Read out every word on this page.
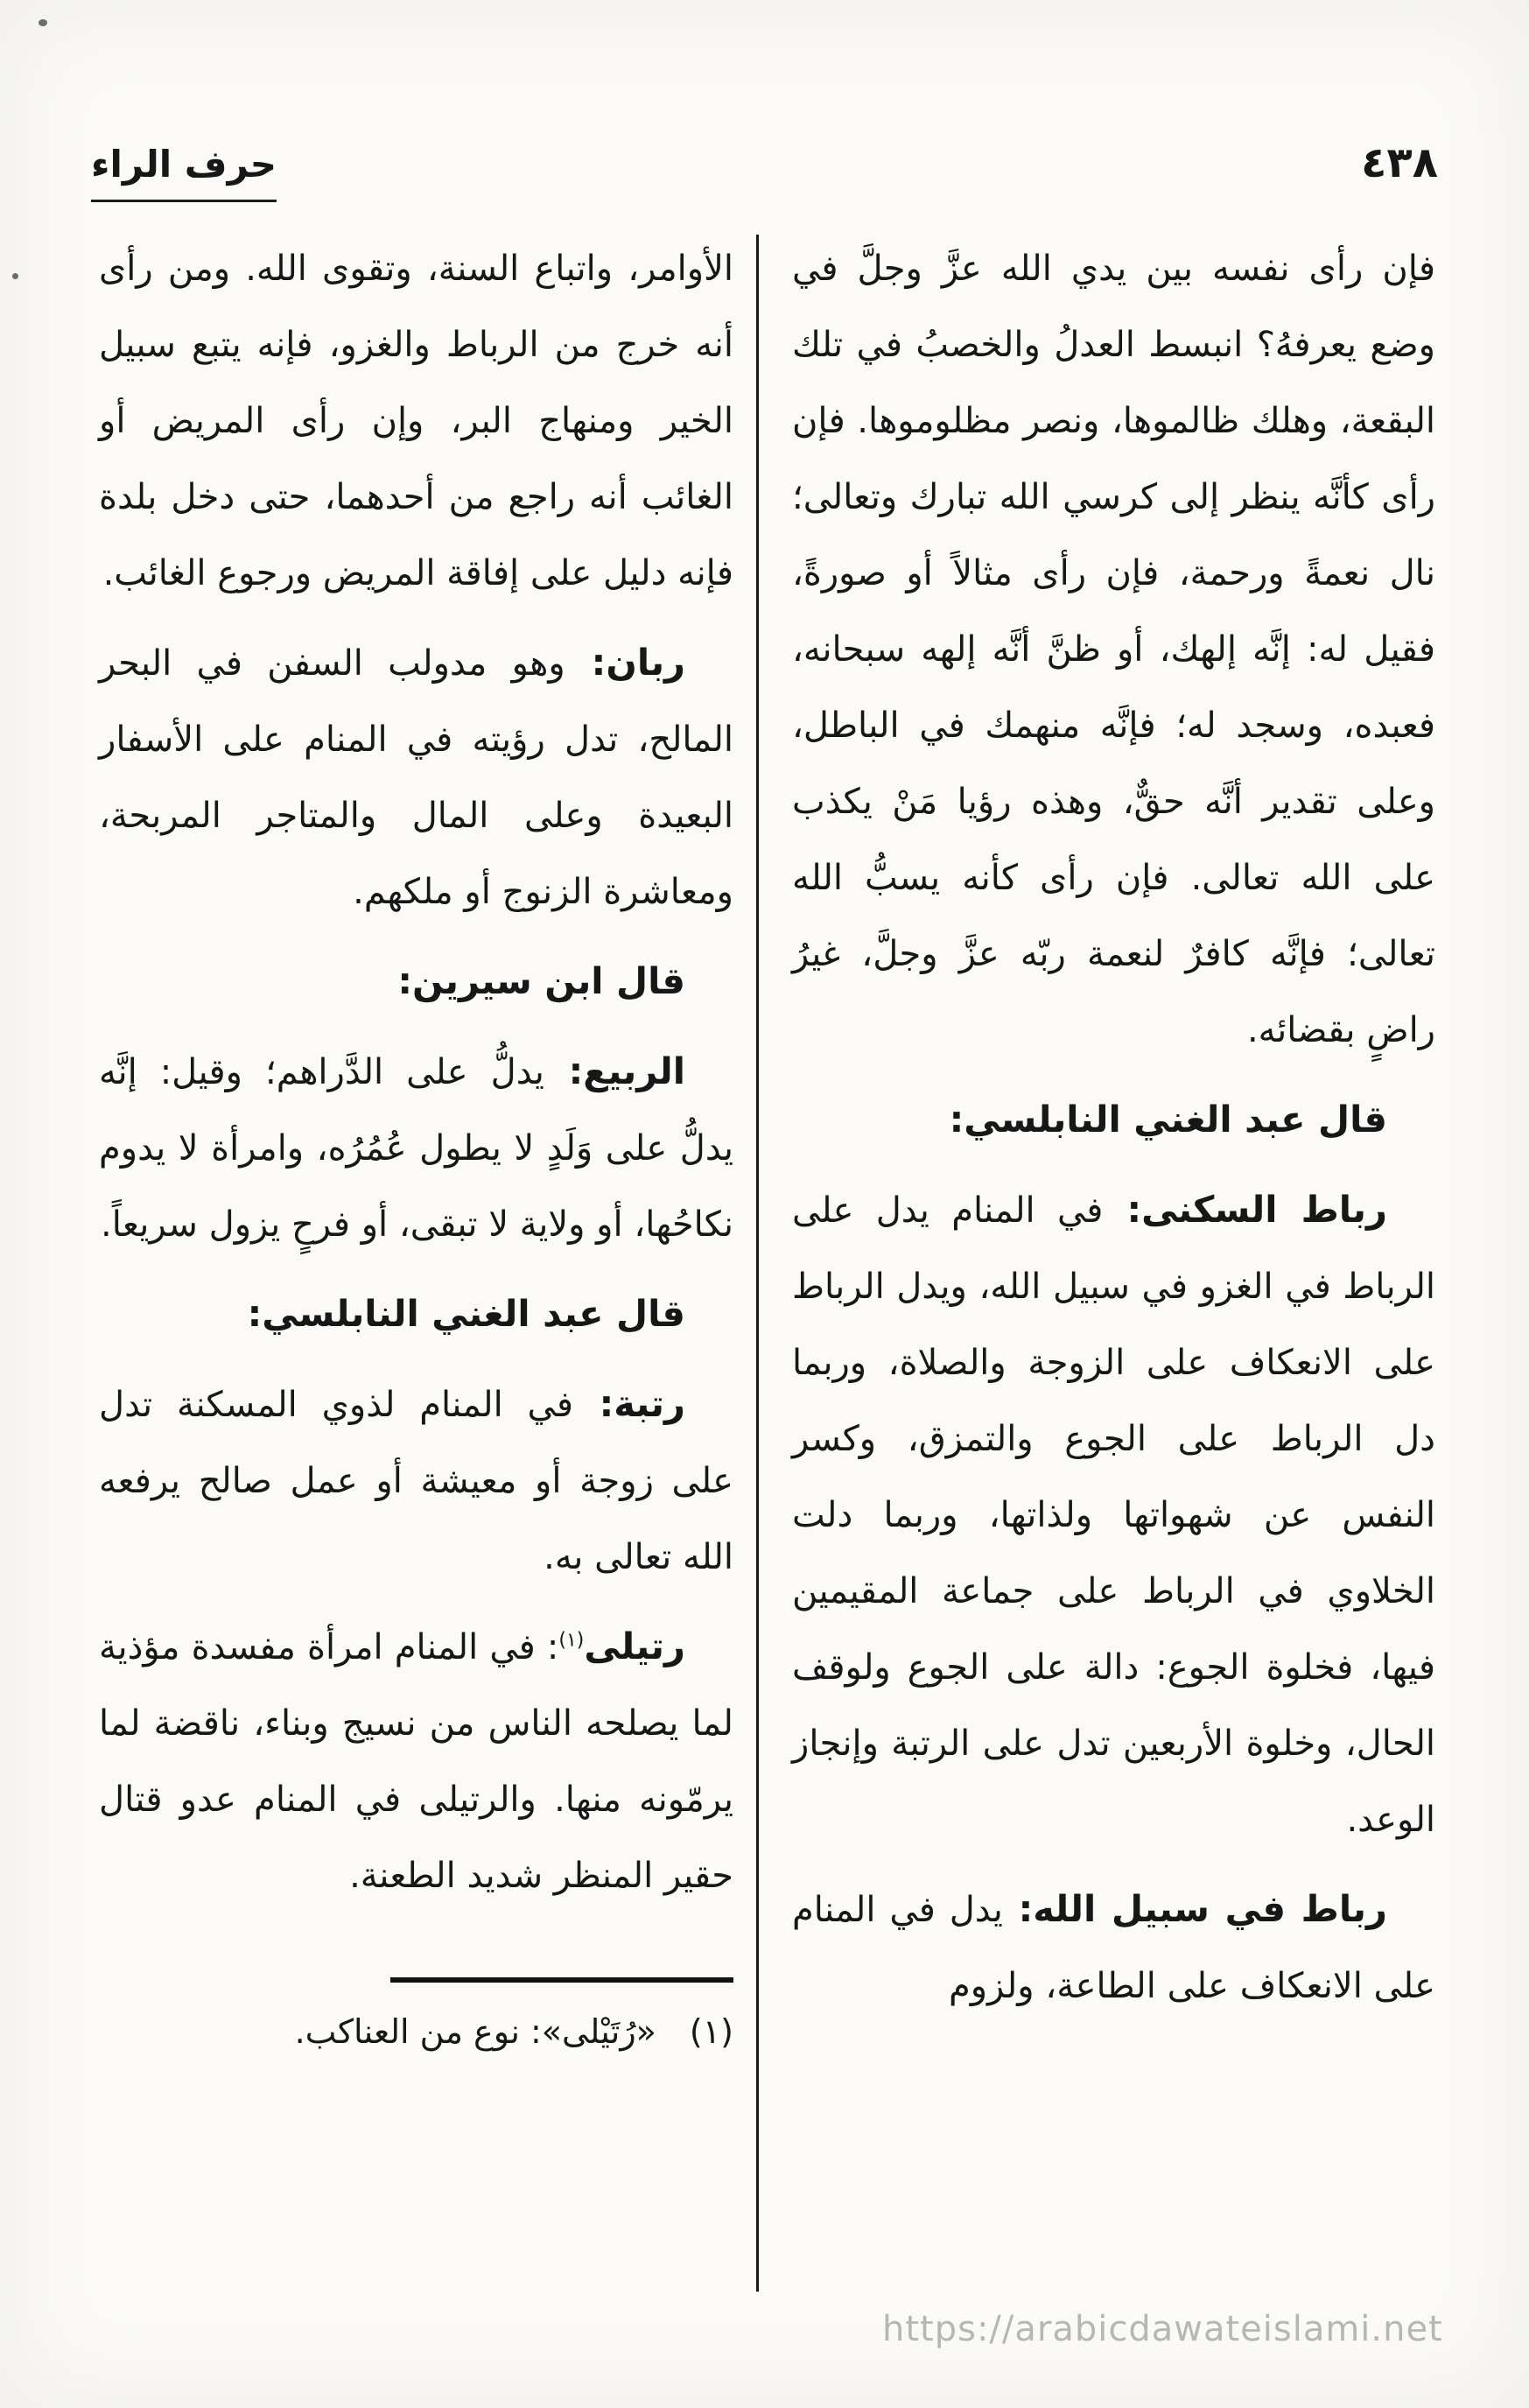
٤٣٨
حرف الراء

فإن رأى نفسه بين يدي الله عزَّ وجلَّ في وضع يعرفهُ؟ انبسط العدلُ والخصبُ في تلك البقعة، وهلك ظالموها، ونصر مظلوموها. فإن رأى كأنَّه ينظر إلى كرسي الله تبارك وتعالى؛ نال نعمةً ورحمة، فإن رأى مثالاً أو صورةً، فقيل له: إنَّه إلهك، أو ظنَّ أنَّه إلهه سبحانه، فعبده، وسجد له؛ فإنَّه منهمك في الباطل، وعلى تقدير أنَّه حقٌّ، وهذه رؤيا مَنْ يكذب على الله تعالى. فإن رأى كأنه يسبُّ الله تعالى؛ فإنَّه كافرٌ لنعمة ربّه عزَّ وجلَّ، غيرُ راضٍ بقضائه.

قال عبد الغني النابلسي:

رباط السكنى: في المنام يدل على الرباط في الغزو في سبيل الله، ويدل الرباط على الانعكاف على الزوجة والصلاة، وربما دل الرباط على الجوع والتمزق، وكسر النفس عن شهواتها ولذاتها، وربما دلت الخلاوي في الرباط على جماعة المقيمين فيها، فخلوة الجوع: دالة على الجوع ولوقف الحال، وخلوة الأربعين تدل على الرتبة وإنجاز الوعد.

رباط في سبيل الله: يدل في المنام على الانعكاف على الطاعة، ولزوم

الأوامر، واتباع السنة، وتقوى الله. ومن رأى أنه خرج من الرباط والغزو، فإنه يتبع سبيل الخير ومنهاج البر، وإن رأى المريض أو الغائب أنه راجع من أحدهما، حتى دخل بلدة فإنه دليل على إفاقة المريض ورجوع الغائب.

ربان: وهو مدولب السفن في البحر المالح، تدل رؤيته في المنام على الأسفار البعيدة وعلى المال والمتاجر المربحة، ومعاشرة الزنوج أو ملكهم.

قال ابن سيرين:

الربيع: يدلُّ على الدَّراهم؛ وقيل: إنَّه يدلُّ على وَلَدٍ لا يطول عُمُرُه، وامرأة لا يدوم نكاحُها، أو ولاية لا تبقى، أو فرحٍ يزول سريعاً.

قال عبد الغني النابلسي:

رتبة: في المنام لذوي المسكنة تدل على زوجة أو معيشة أو عمل صالح يرفعه الله تعالى به.

رتيلى$^{(١)}$: في المنام امرأة مفسدة مؤذية لما يصلحه الناس من نسيج وبناء، ناقضة لما يرمّونه منها. والرتيلى في المنام عدو قتال حقير المنظر شديد الطعنة.

(١)«رُتَيْلى»: نوع من العناكب.

https://arabicdawateislami.net
